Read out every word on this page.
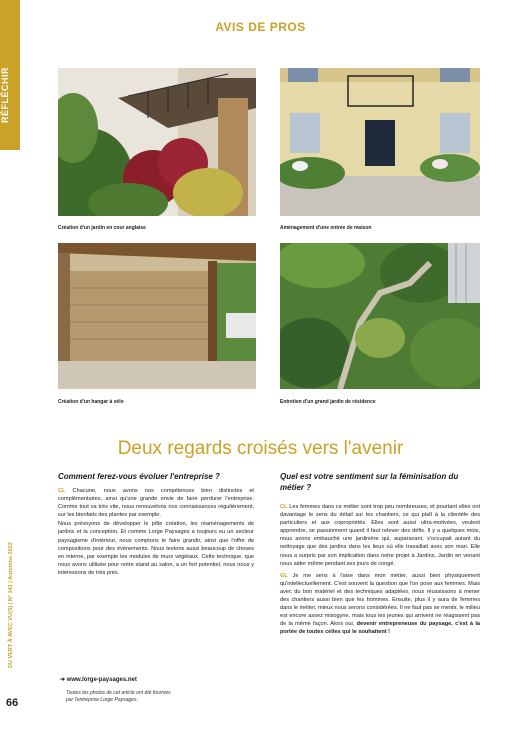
RÉFLÉCHIR
AVIS DE PROS
Création d'un jardin en cour anglaise	Aménagement d'une entrée de maison
Création d'un hangar à vélo	Entretien d'un grand jardin de résidence
Deux regards croisés vers l'avenir
Comment ferez-vous évoluer l'entreprise ?

CL Chacune, nous avons nos compétences bien distinctes et complémentaires, ainsi qu'une grande envie de faire perdurer l'entreprise. Comme tout va très vite, nous renouvelons nos connaissances régulièrement, sur les bienfaits des plantes par exemple.

Nous prévoyons de développer le pôle création, les réaménagements de jardins et la conception. Et comme Lorge Paysages a toujours eu un secteur paysagisme d'intérieur, nous comptons le faire grandir, ainsi que l'offre de compositions pour des événements. Nous testons aussi beaucoup de choses en interne, par exemple les modules de murs végétaux. Cette technique, que nous avons utilisée pour notre stand au salon, a un fort potentiel, nous nous y intéressons de très près.

Quel est votre sentiment sur la féminisation du métier ?

CL Les femmes dans ce métier sont trop peu nombreuses, et pourtant elles ont davantage le sens du détail sur les chantiers, ce qui plaît à la clientèle des particuliers et aux copropriétés. Elles sont aussi ultra-motivées, veulent apprendre, se passionnent quand il faut relever des défis. Il y a quelques mois, nous avons embauché une jardinière qui, auparavant, s'occupait autant du nettoyage que des jardins dans les lieux où elle travaillait avec son mari. Elle nous a surpris par son implication dans notre projet à Jardins, Jardin en venant nous aider même pendant ses jours de congé.

GL Je me sens à l'aise dans mon métier, aussi bien physiquement qu'intellectuellement. C'est souvent la question que l'on pose aux femmes. Mais avec du bon matériel et des techniques adaptées, nous réussissons à mener des chantiers aussi bien que les hommes. Ensuite, plus il y aura de femmes dans le métier, mieux nous serons considérées. Il ne faut pas se mentir, le milieu est encore assez misogyne, mais tous les jeunes qui arrivent ne réagissent pas de la même façon. Alors oui, devenir entrepreneuse du paysage, c'est à la portée de toutes celles qui le souhaitent !

DU VERT À AVEC VU(S) | N° 341 | Automne 2022
➜ www.lorge-paysages.net
Toutes les photos de cet article ont été fournies
par l'entreprise Lorge Paysages.
66
